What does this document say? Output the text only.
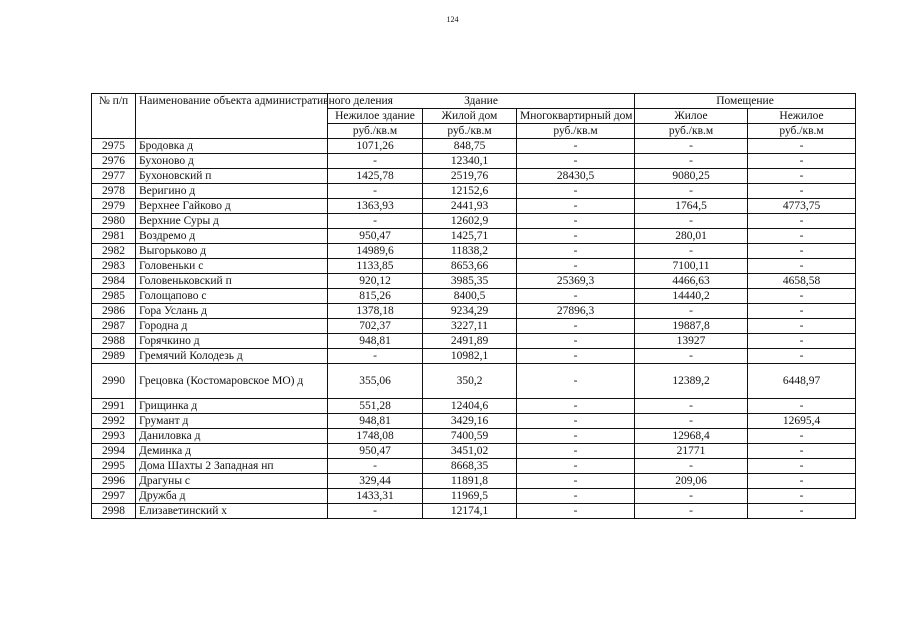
124
№ п/п	Наименование объекта административного деления	Здание			Помещение	
		Нежилое здание	Жилой дом	Многоквартирный дом	Жилое	Нежилое
		руб./кв.м	руб./кв.м	руб./кв.м	руб./кв.м	руб./кв.м
2975	Бродовка д	1071,26	848,75	-	-	-
2976	Бухоново д	-	12340,1	-	-	-
2977	Бухоновский п	1425,78	2519,76	28430,5	9080,25	-
2978	Веригино д	-	12152,6	-	-	-
2979	Верхнее Гайково д	1363,93	2441,93	-	1764,5	4773,75
2980	Верхние Суры д	-	12602,9	-	-	-
2981	Воздремо д	950,47	1425,71	-	280,01	-
2982	Выгорьково д	14989,6	11838,2	-	-	-
2983	Головеньки с	1133,85	8653,66	-	7100,11	-
2984	Головеньковский п	920,12	3985,35	25369,3	4466,63	4658,58
2985	Голощапово с	815,26	8400,5	-	14440,2	-
2986	Гора Услань д	1378,18	9234,29	27896,3	-	-
2987	Городна д	702,37	3227,11	-	19887,8	-
2988	Горячкино д	948,81	2491,89	-	13927	-
2989	Гремячий Колодезь д	-	10982,1	-	-	-
2990	Грецовка (Костомаровское МО) д	355,06	350,2	-	12389,2	6448,97
2991	Грищинка д	551,28	12404,6	-	-	-
2992	Грумант д	948,81	3429,16	-	-	12695,4
2993	Даниловка д	1748,08	7400,59	-	12968,4	-
2994	Деминка д	950,47	3451,02	-	21771	-
2995	Дома Шахты 2 Западная нп	-	8668,35	-	-	-
2996	Драгуны с	329,44	11891,8	-	209,06	-
2997	Дружба д	1433,31	11969,5	-	-	-
2998	Елизаветинский х	-	12174,1	-	-	-
